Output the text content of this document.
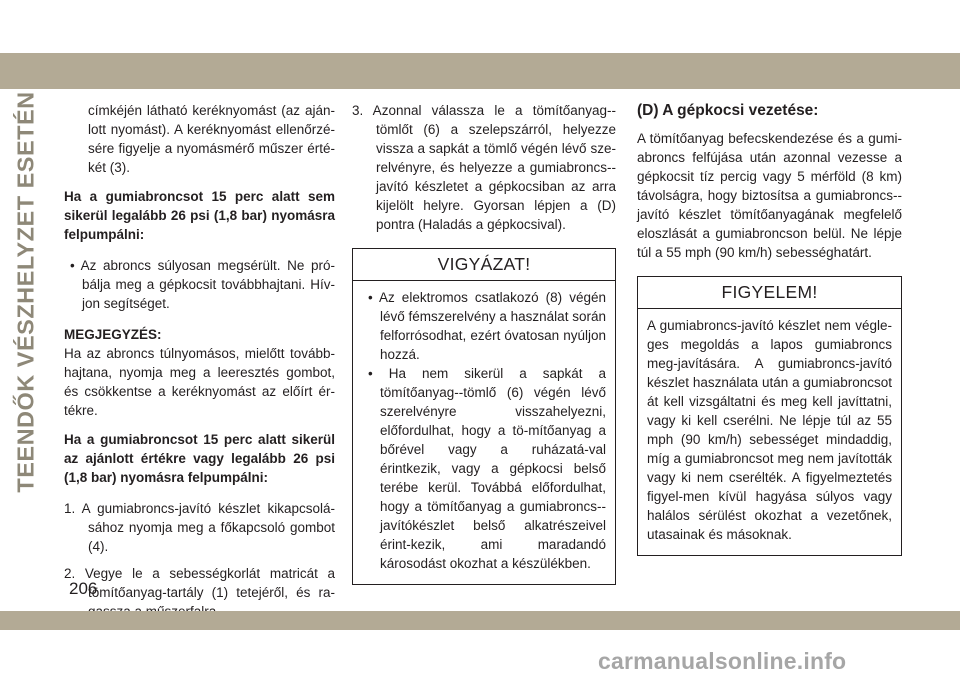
TEENDŐK VÉSZHELYZET ESETÉN	címkéjén látható keréknyomást (az aján-lott nyomást). A keréknyomást ellenőrzé-sére figyelje a nyomásmérő műszer érté-két (3).

Ha a gumiabroncsot 15 perc alatt sem sikerül legalább 26 psi (1,8 bar) nyomásra felpumpálni:

• Az abroncs súlyosan megsérült. Ne pró-bálja meg a gépkocsit továbbhajtani. Hív-jon segítséget.

MEGJEGYZÉS:

Ha az abroncs túlnyomásos, mielőtt tovább-hajtana, nyomja meg a leeresztés gombot, és csökkentse a keréknyomást az előírt ér-tékre.

Ha a gumiabroncsot 15 perc alatt sikerül az ajánlott értékre vagy legalább 26 psi (1,8 bar) nyomásra felpumpálni:

1. A gumiabroncs-javító készlet kikapcsolá-sához nyomja meg a főkapcsoló gombot (4).

2. Vegye le a sebességkorlát matricát a tömítőanyag-tartály (1) tetejéről, és ra-

3. Azonnal válassza le a tömítőanyag--tömlőt (6) a szelepszárról, helyezze vissza a sapkát a tömlő végén lévő sze-relvényre, és helyezze a gumiabroncs--javító készletet a gépkocsiban az arra kijelölt helyre. Gyorsan lépjen a (D) pontra (Haladás a gépkocsival).

VIGYÁZAT!

• Az elektromos csatlakozó (8) végén lévő fémszerelvény a használat során felforrósodhat, ezért óvatosan nyúljon hozzá.

• Ha nem sikerül a sapkát a tömítőanyag--tömlő (6) végén lévő szerelvényre visszahelyezni, előfordulhat, hogy a tö-mítőanyag a bőrével vagy a ruházatá-val érintkezik, vagy a gépkocsi belső terébe kerül. Továbbá előfordulhat, hogy a tömítőanyag a gumiabroncs--javítókészlet belső alkatrészeivel érint-kezik, ami maradandó károsodást okozhat a készülékben.

(D) A gépkocsi vezetése:

A tömítőanyag befecskendezése és a gumi-abroncs felfújása után azonnal vezesse a gépkocsit tíz percig vagy 5 mérföld (8 km) távolságra, hogy biztosítsa a gumiabroncs--javító készlet tömítőanyagának megfelelő eloszlását a gumiabroncson belül. Ne lépje túl a 55 mph (90 km/h) sebességhatárt.

FIGYELEM!

A gumiabroncs-javító készlet nem végle-ges megoldás a lapos gumiabroncs meg-javítására. A gumiabroncs-javító készlet használata után a gumiabroncsot át kell vizsgáltatni és meg kell javíttatni, vagy ki kell cserélni. Ne lépje túl az 55 mph (90 km/h) sebességet mindaddig, míg a gumiabroncsot meg nem javították vagy ki nem cserélték. A figyelmeztetés figyel-men kívül hagyása súlyos vagy halálos sérülést okozhat a vezetőnek, utasainak és másoknak.

206
carmanualsonline.info
